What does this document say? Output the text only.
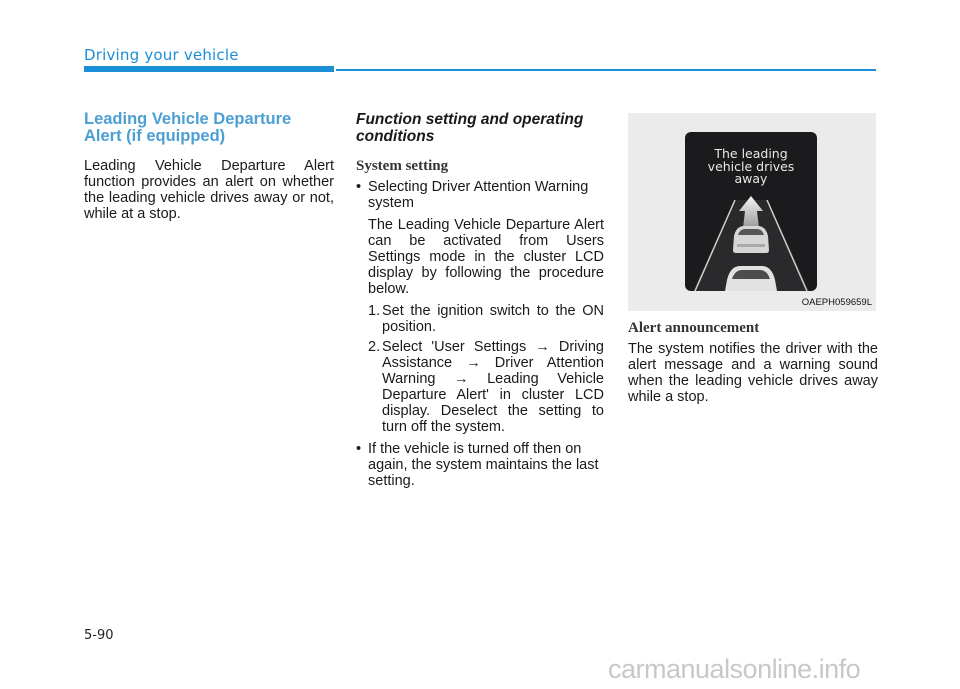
Driving your vehicle
Leading Vehicle Departure
Alert (if equipped)

Leading Vehicle Departure Alert function provides an alert on whether the leading vehicle drives away or not, while at a stop.

Function setting and operating
conditions
System setting
• Selecting Driver Attention Warning system

The Leading Vehicle Departure Alert can be activated from Users Settings mode in the cluster LCD display by following the procedure below.

1. Set the ignition switch to the ON position.
2. Select 'User Settings → Driving Assistance → Driver Attention Warning → Leading Vehicle Departure Alert' in cluster LCD display. Deselect the setting to turn off the system.
• If the vehicle is turned off then on again, the system maintains the last setting.
The leading
vehicle drives
away
OAEPH059659L
Alert announcement

The system notifies the driver with the alert message and a warning sound when the leading vehicle drives away while a stop.

5-90
carmanualsonline.info
